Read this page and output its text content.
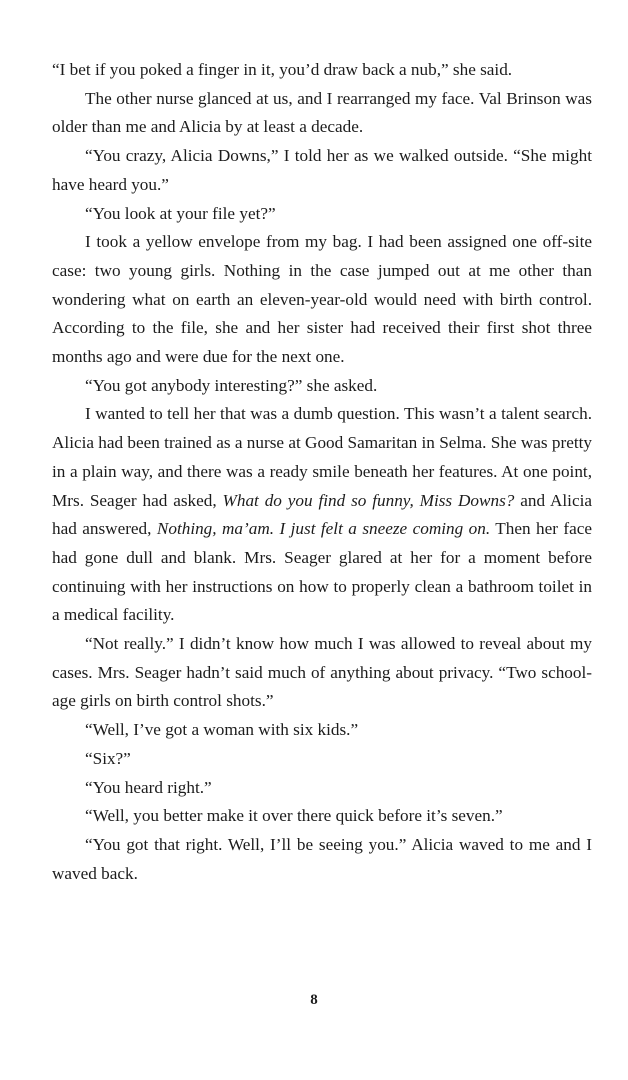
“I bet if you poked a finger in it, you’d draw back a nub,” she said.

The other nurse glanced at us, and I rearranged my face. Val Brinson was older than me and Alicia by at least a decade.

“You crazy, Alicia Downs,” I told her as we walked outside. “She might have heard you.”

“You look at your file yet?”

I took a yellow envelope from my bag. I had been assigned one off-site case: two young girls. Nothing in the case jumped out at me other than wondering what on earth an eleven-year-old would need with birth control. According to the file, she and her sister had received their first shot three months ago and were due for the next one.

“You got anybody interesting?” she asked.

I wanted to tell her that was a dumb question. This wasn’t a talent search. Alicia had been trained as a nurse at Good Samaritan in Selma. She was pretty in a plain way, and there was a ready smile beneath her features. At one point, Mrs. Seager had asked, What do you find so funny, Miss Downs? and Alicia had answered, Nothing, ma’am. I just felt a sneeze coming on. Then her face had gone dull and blank. Mrs. Seager glared at her for a moment before continuing with her instructions on how to properly clean a bathroom toilet in a medical facility.

“Not really.” I didn’t know how much I was allowed to reveal about my cases. Mrs. Seager hadn’t said much of anything about privacy. “Two school-age girls on birth control shots.”

“Well, I’ve got a woman with six kids.”

“Six?”

“You heard right.”

“Well, you better make it over there quick before it’s seven.”

“You got that right. Well, I’ll be seeing you.” Alicia waved to me and I waved back.

8
